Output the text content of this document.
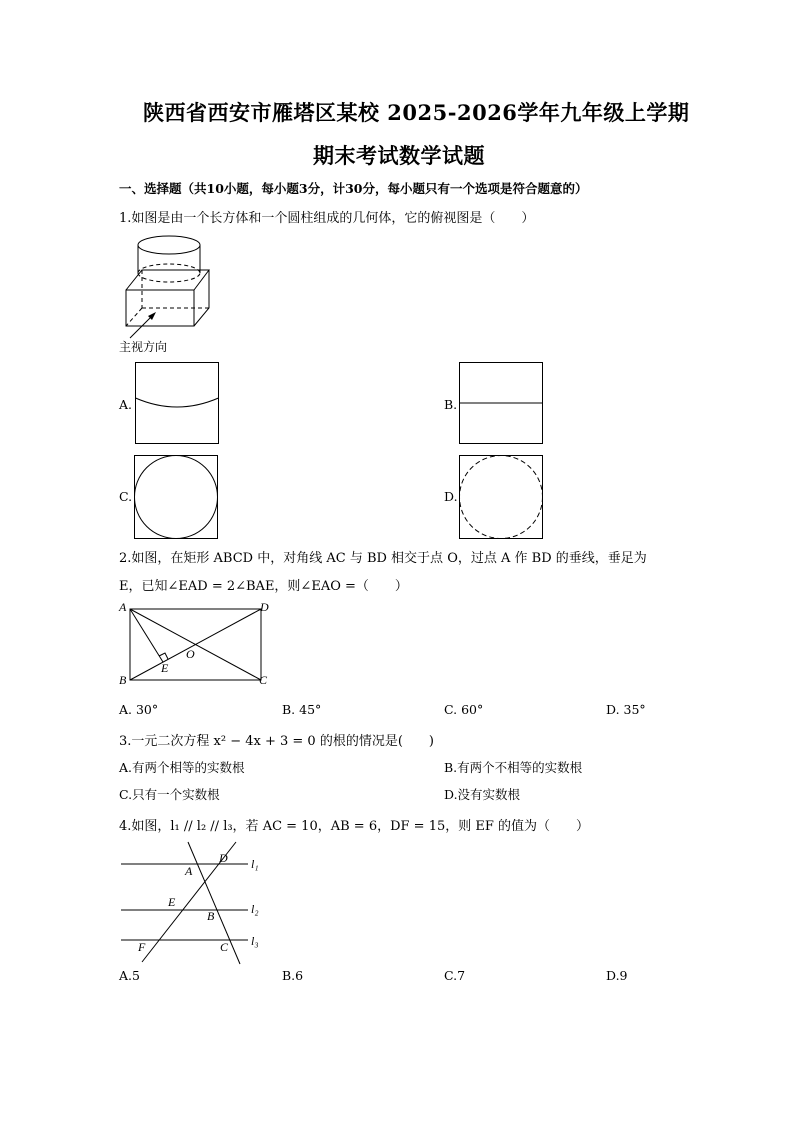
陕西省西安市雁塔区某校 2025-2026学年九年级上学期
期末考试数学试题
一、选择题（共10小题，每小题3分，计30分，每小题只有一个选项是符合题意的）
1.如图是由一个长方体和一个圆柱组成的几何体，它的俯视图是（　　）
主视方向
A.	B.
C.	D.
2.如图，在矩形 ABCD 中，对角线 AC 与 BD 相交于点 O，过点 A 作 BD 的垂线，垂足为
E，已知∠EAD = 2∠BAE，则∠EAO =（　　）
A	D
B	C
E
O
A. 30°	B. 45°	C. 60°	D. 35°
3.一元二次方程 x² − 4x + 3 = 0 的根的情况是(　　)
A.有两个相等的实数根	B.有两个不相等的实数根
C.只有一个实数根	D.没有实数根
4.如图，l₁ // l₂ // l₃，若 AC = 10，AB = 6，DF = 15，则 EF 的值为（　　）
D
A
E
B
F	C
l₁
l₂
l₃
A.5	B.6	C.7	D.9
